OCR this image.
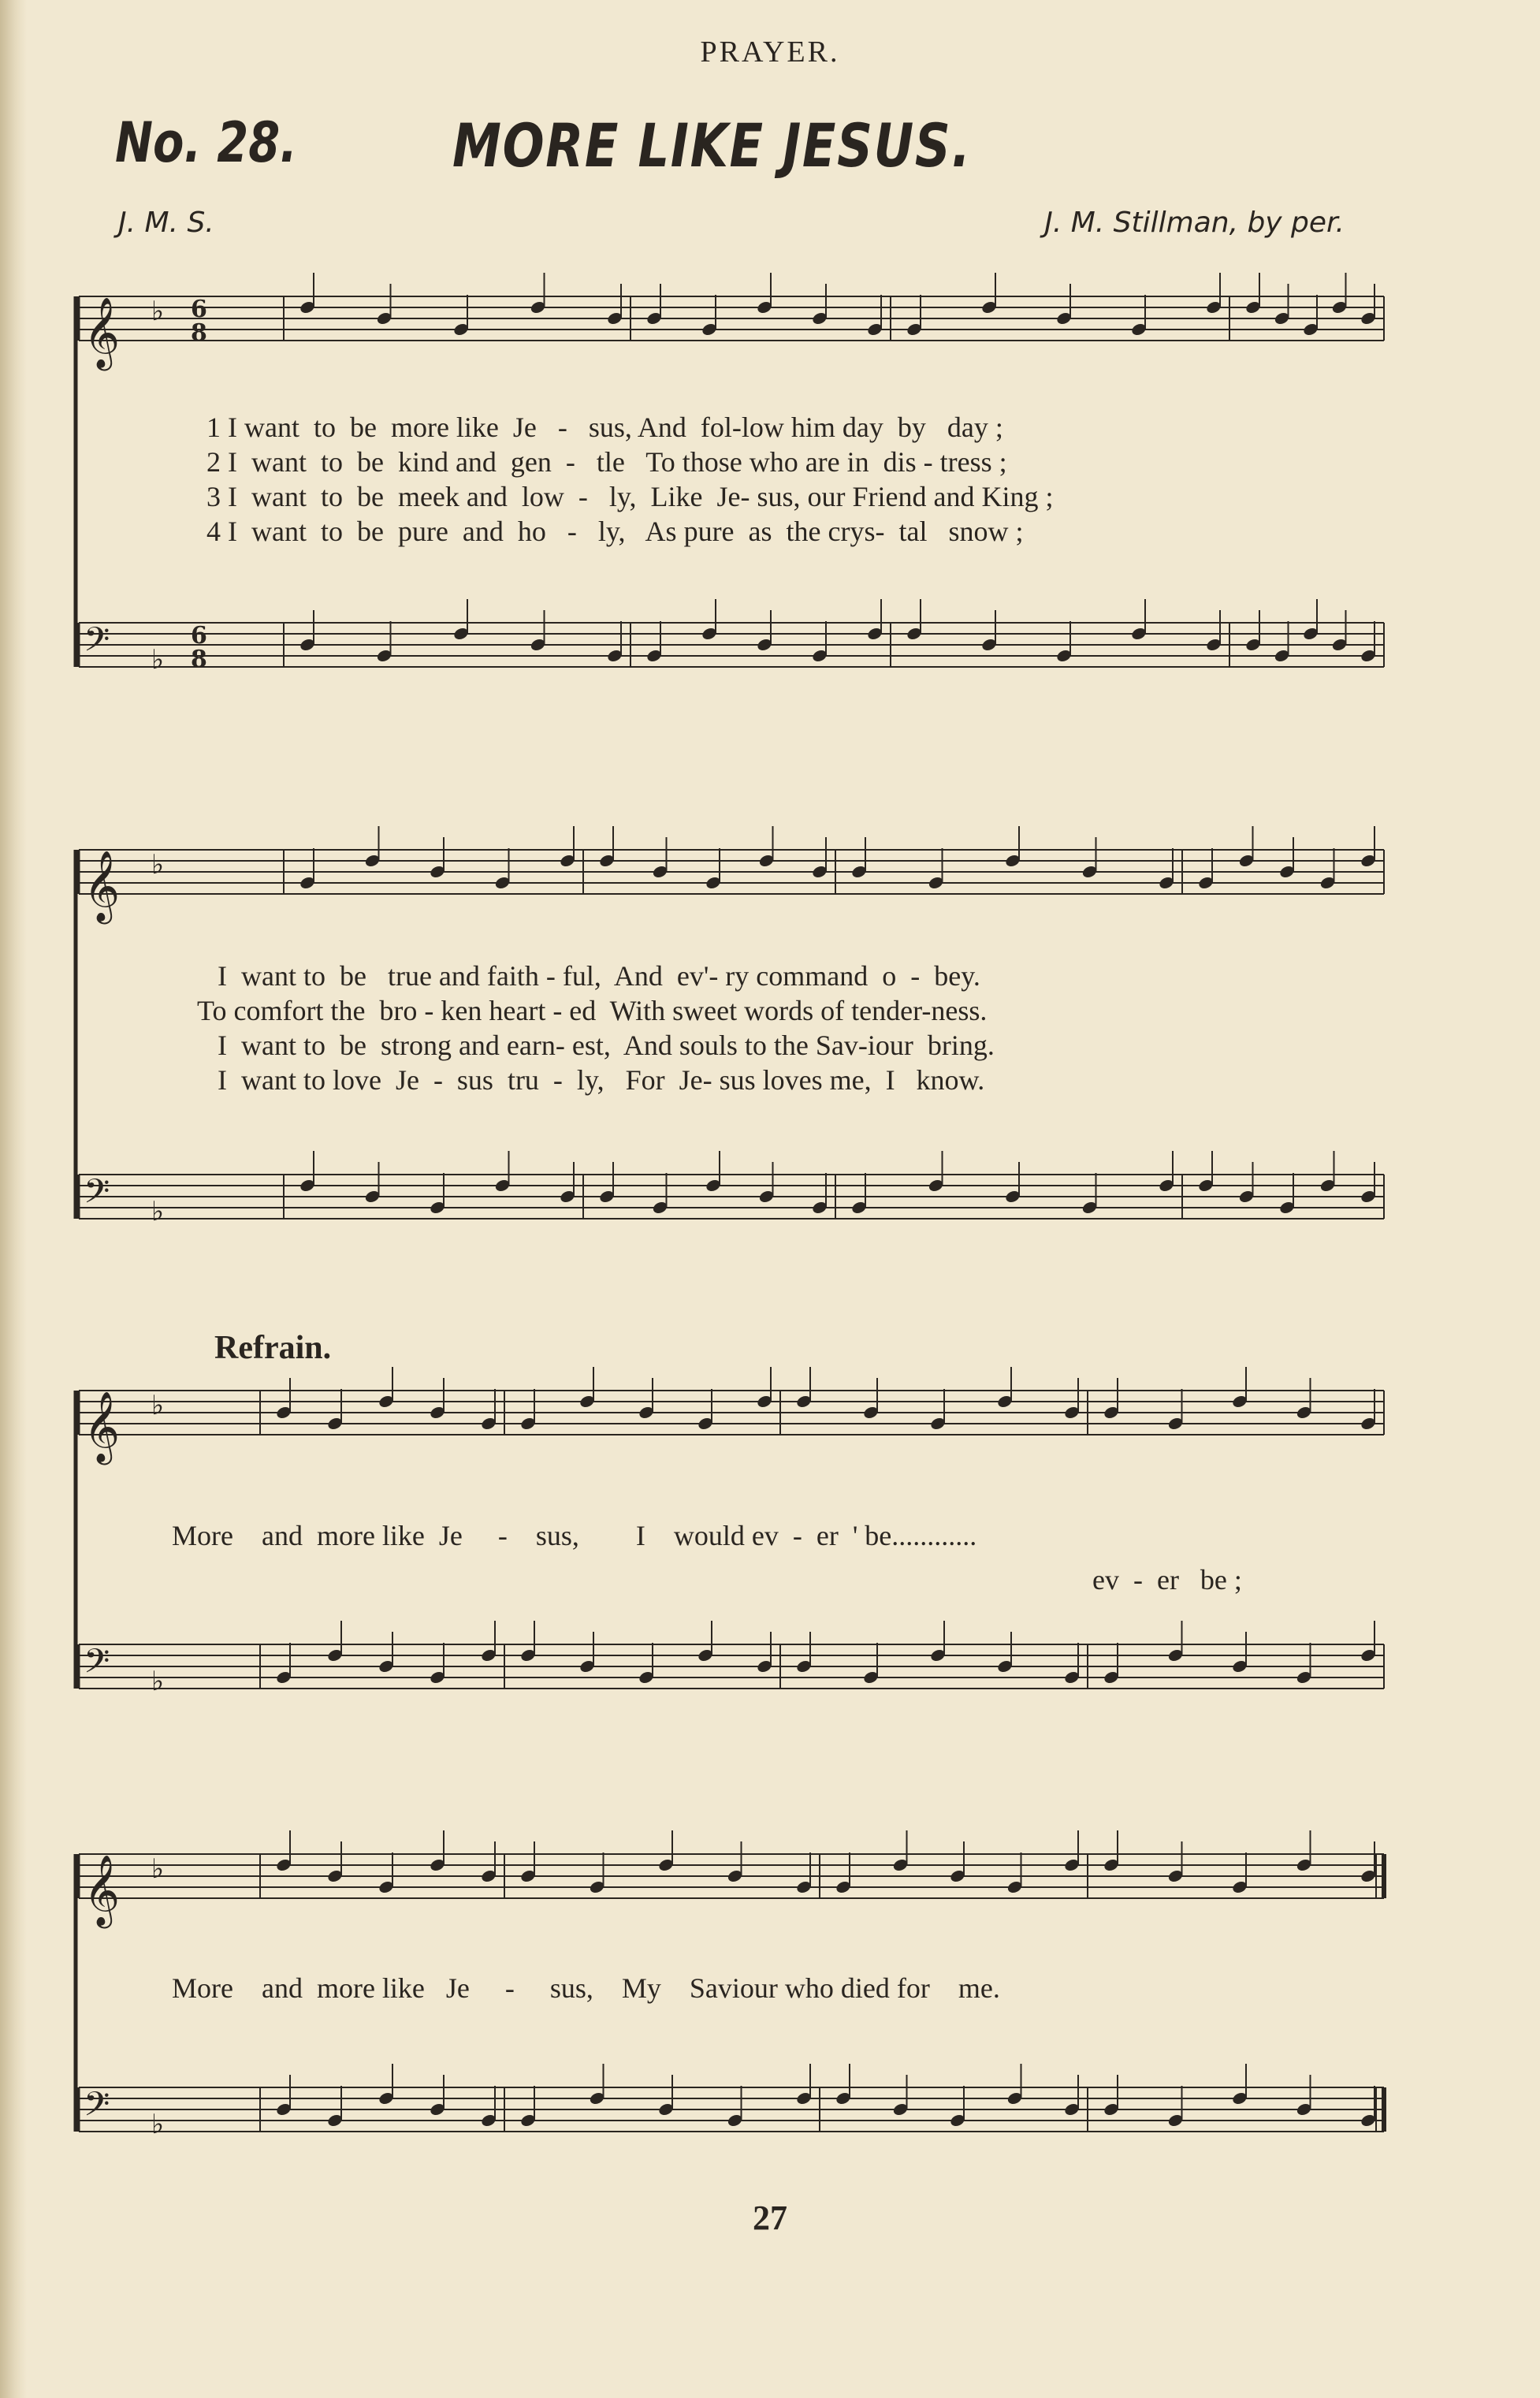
PRAYER.
No. 28.	MORE LIKE JESUS.
J. M. S.	J. M. Stillman, by per.
𝄞 ♭
𝄢 ♭
𝄞 ♭
𝄢 ♭
𝄞 ♭
𝄢 ♭
𝄞 ♭
𝄢 ♭
6
8
6
8
1 I want  to  be  more like  Je   -   sus, And  fol-low him day  by   day ;
2 I  want  to  be  kind and  gen  -   tle   To those who are in  dis - tress ;
3 I  want  to  be  meek and  low  -   ly,  Like  Je- sus, our Friend and King ;
4 I  want  to  be  pure  and  ho   -   ly,   As pure  as  the crys-  tal   snow ;
I  want to  be   true and faith - ful,  And  ev'- ry command  o  -  bey.
To comfort the  bro - ken heart - ed  With sweet words of tender-ness.
I  want to  be  strong and earn- est,  And souls to the Sav-iour  bring.
I  want to love  Je  -  sus  tru  -  ly,   For  Je- sus loves me,  I   know.
Refrain.
More    and  more like  Je     -    sus,        I    would ev  -  er  ' be............
ev  -  er   be ;
More    and  more like   Je     -     sus,    My    Saviour who died for    me.
27
